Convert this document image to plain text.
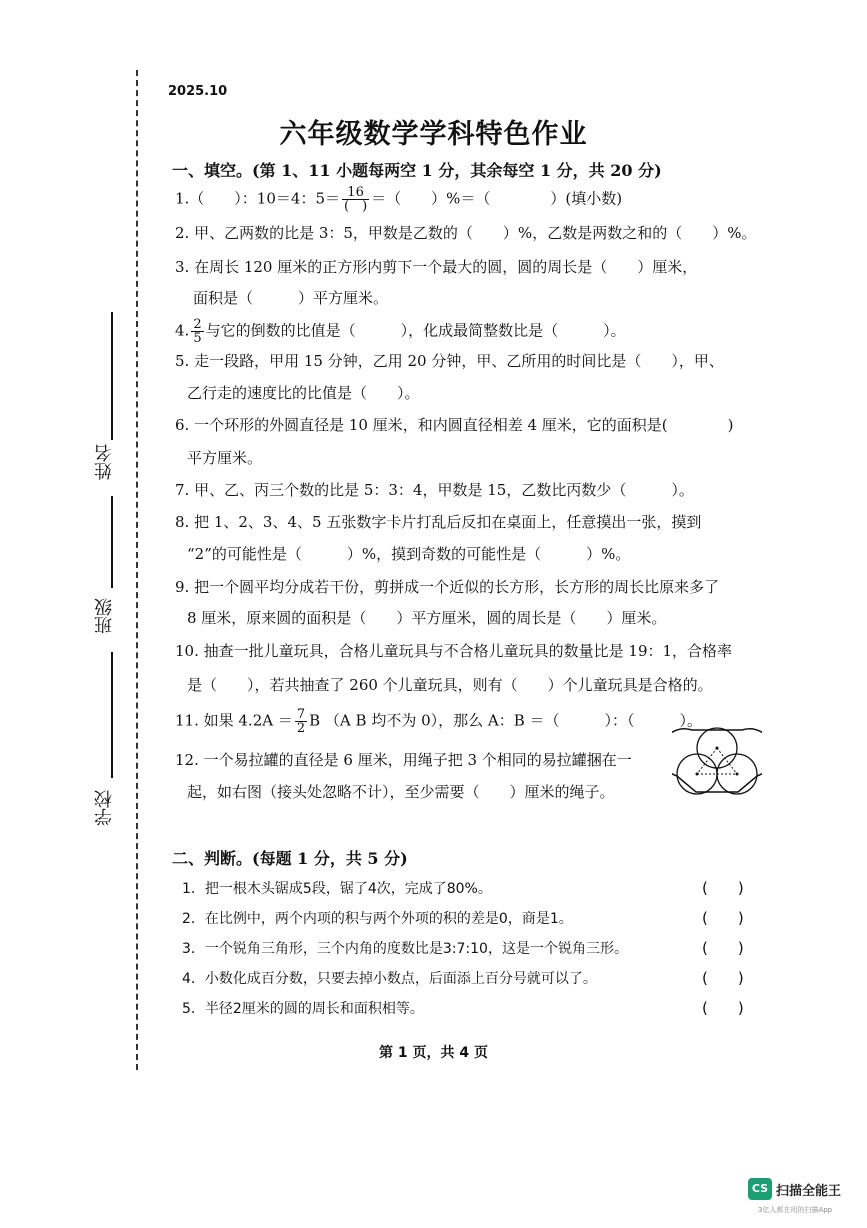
姓名
班级
学校
2025.10
六年级数学学科特色作业
一、填空。(第 1、11 小题每两空 1 分，其余每空 1 分，共 20 分)
1.（　　）：10＝4：$5= \frac{16}{( )}$ ＝（　　）%＝（　　　　）(填小数)
2. 甲、乙两数的比是 3：5，甲数是乙数的（　　）%，乙数是两数之和的（　　）%。
3. 在周长 120 厘米的正方形内剪下一个最大的圆，圆的周长是（　　）厘米，
面积是（　　　）平方厘米。
4. $\frac{2}{5}$ 与它的倒数的比值是（　　　），化成最简整数比是（　　　）。
5. 走一段路，甲用 15 分钟，乙用 20 分钟，甲、乙所用的时间比是（　　），甲、
乙行走的速度比的比值是（　　）。
6. 一个环形的外圆直径是 10 厘米，和内圆直径相差 4 厘米，它的面积是(　　　　)
平方厘米。
7. 甲、乙、丙三个数的比是 5：3：4，甲数是 15，乙数比丙数少（　　　）。
8. 把 1、2、3、4、5 五张数字卡片打乱后反扣在桌面上，任意摸出一张，摸到
“2”的可能性是（　　　）%，摸到奇数的可能性是（　　　）%。
9. 把一个圆平均分成若干份，剪拼成一个近似的长方形，长方形的周长比原来多了
8 厘米，原来圆的面积是（　　）平方厘米，圆的周长是（　　）厘米。
10. 抽查一批儿童玩具，合格儿童玩具与不合格儿童玩具的数量比是 19：1，合格率
是（　　），若共抽查了 260 个儿童玩具，则有（　　）个儿童玩具是合格的。
11. 如果 $4.2A = \frac{7}{2}$ B （A B 均不为 0），那么 A：B ＝（　　　）：（　　　）。
12. 一个易拉罐的直径是 6 厘米，用绳子把 3 个相同的易拉罐捆在一
起，如右图（接头处忽略不计），至少需要（　　）厘米的绳子。
二、判断。(每题 1 分，共 5 分)
1．把一根木头锯成5段，锯了4次，完成了80%。	(　　)
2．在比例中，两个内项的积与两个外项的积的差是0，商是1。	(　　)
3．一个锐角三角形，三个内角的度数比是3:7:10，这是一个锐角三形。	(　　)
4．小数化成百分数，只要去掉小数点，后面添上百分号就可以了。	(　　)
5．半径2厘米的圆的周长和面积相等。	(　　)
第 1 页，共 4 页
CS 扫描全能王
3亿人都在用的扫描App
